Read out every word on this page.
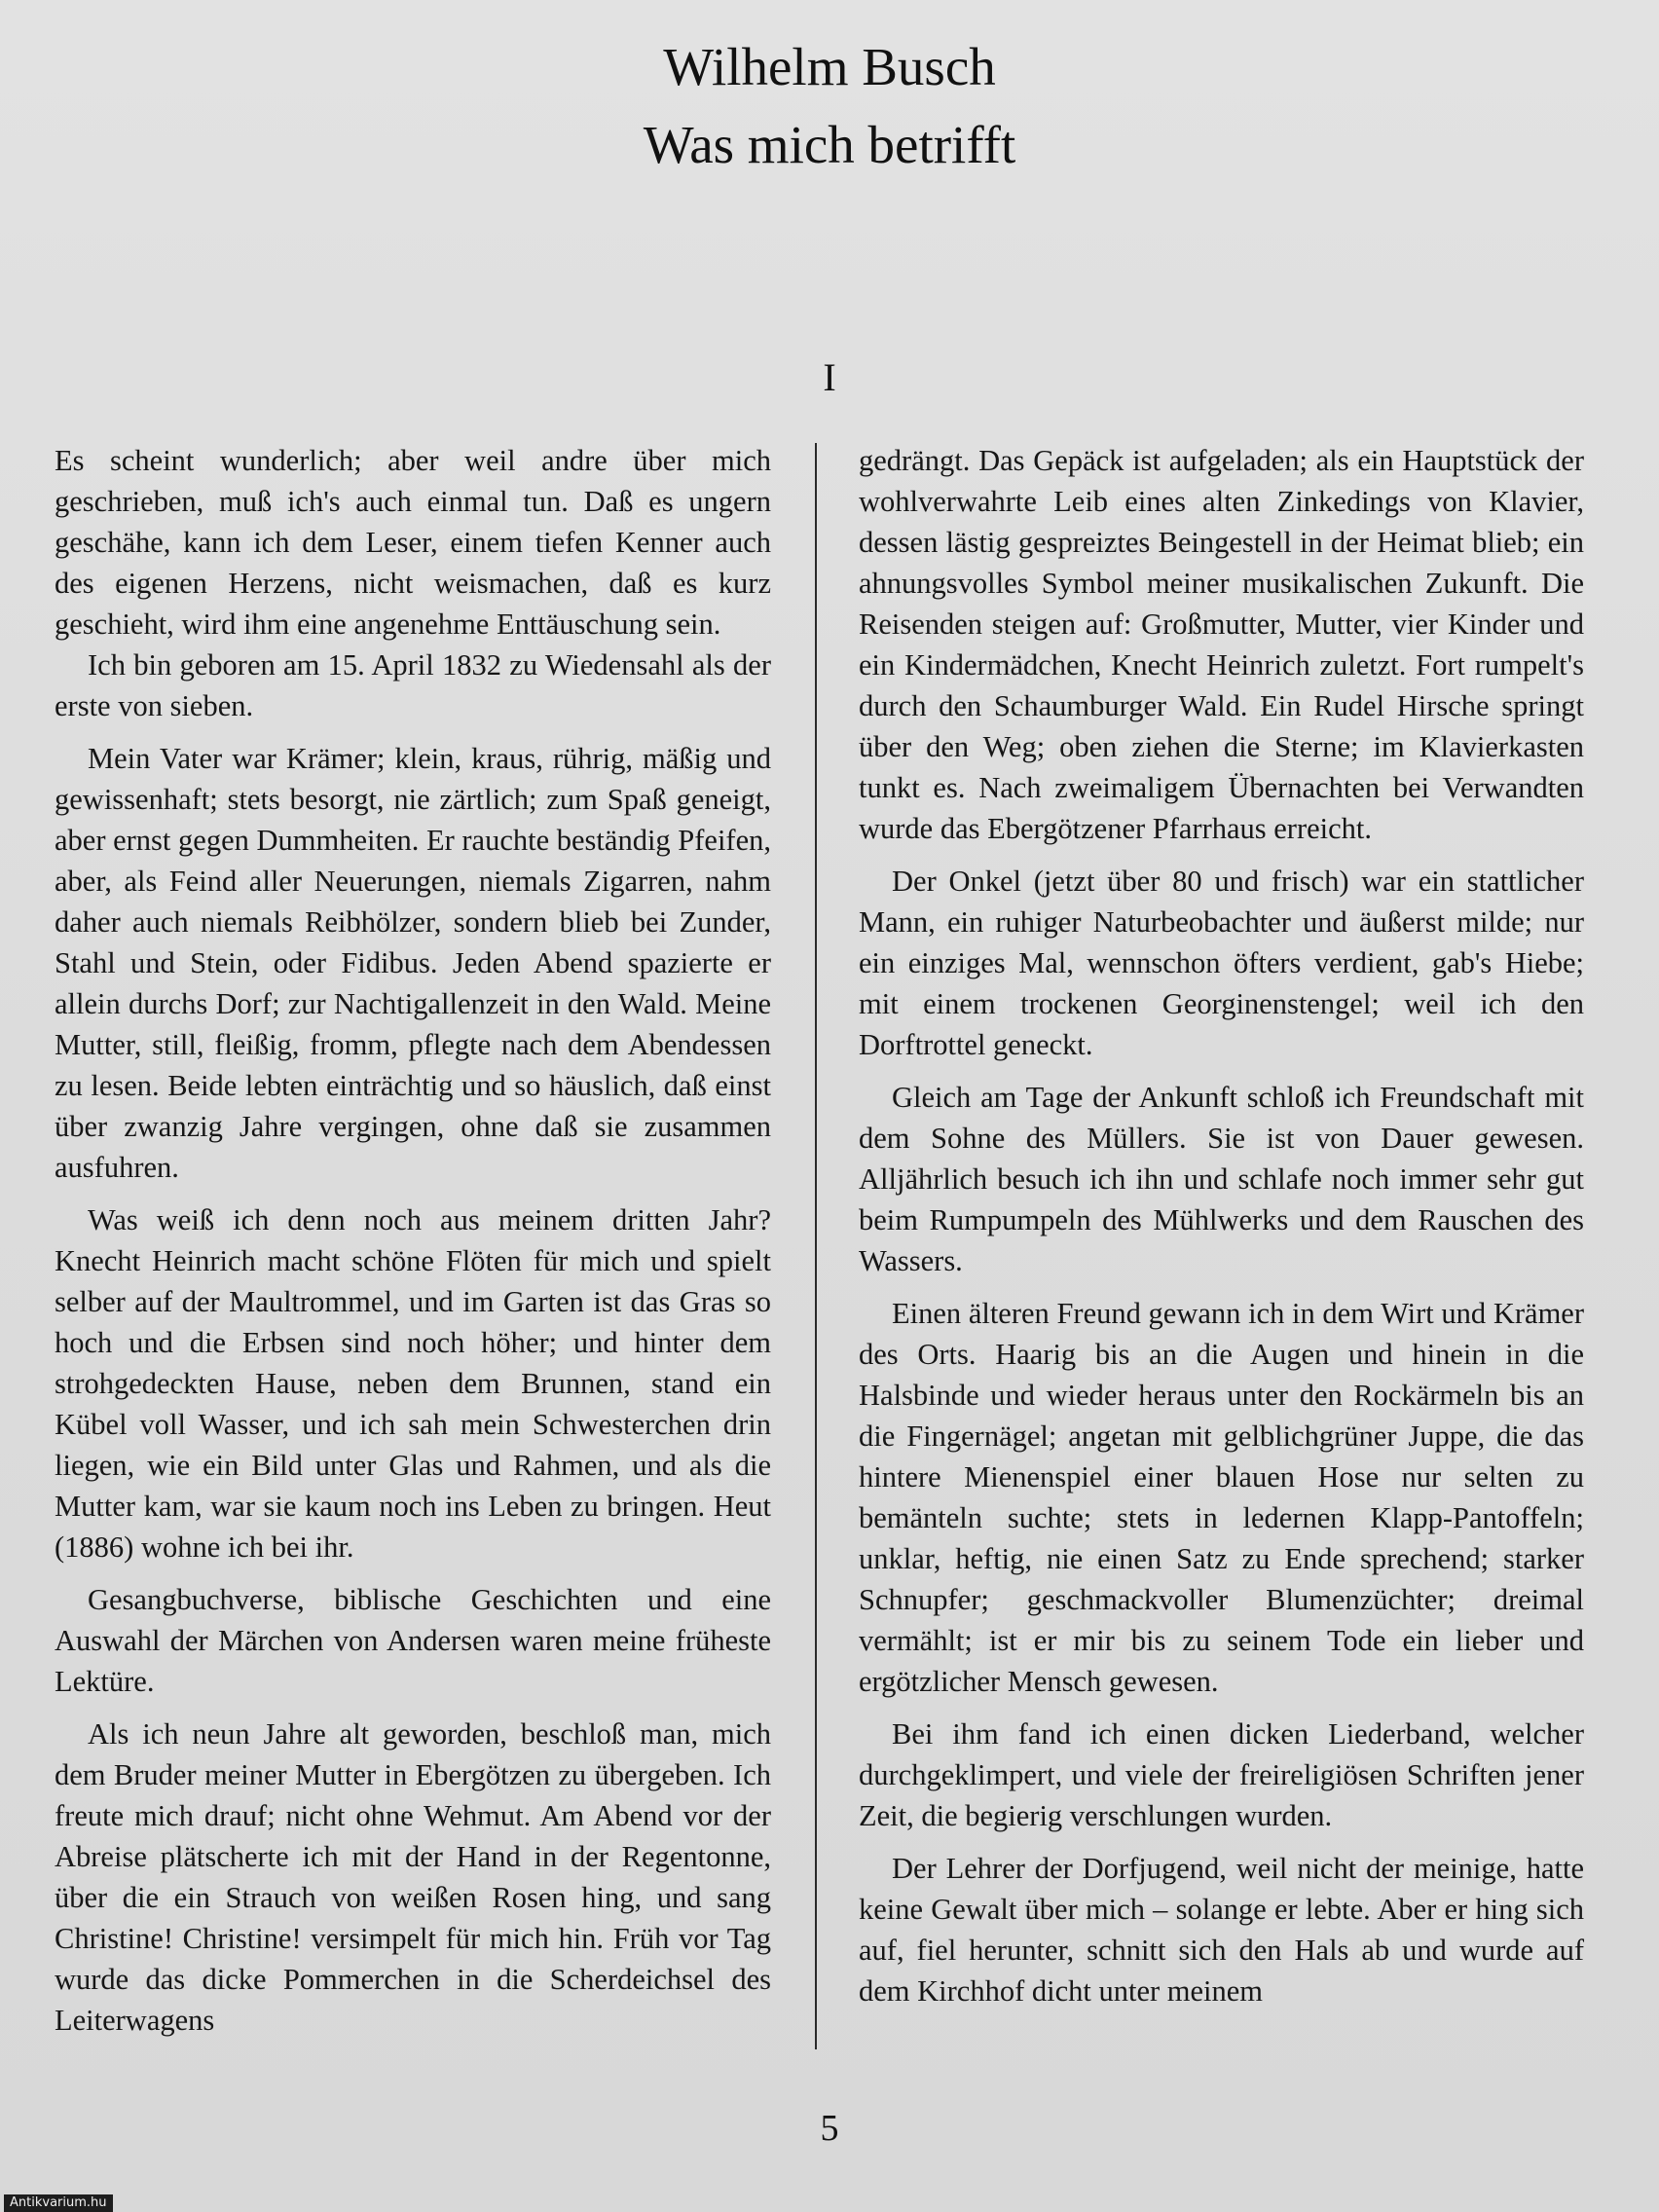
Wilhelm Busch
Was mich betrifft
I

Es scheint wunderlich; aber weil andre über mich geschrieben, muß ich's auch einmal tun. Daß es ungern geschähe, kann ich dem Leser, einem tiefen Kenner auch des eigenen Herzens, nicht weismachen, daß es kurz geschieht, wird ihm eine angenehme Enttäuschung sein.

Ich bin geboren am 15. April 1832 zu Wiedensahl als der erste von sieben.

Mein Vater war Krämer; klein, kraus, rührig, mäßig und gewissenhaft; stets besorgt, nie zärtlich; zum Spaß geneigt, aber ernst gegen Dummheiten. Er rauchte beständig Pfeifen, aber, als Feind aller Neuerungen, niemals Zigarren, nahm daher auch niemals Reibhölzer, sondern blieb bei Zunder, Stahl und Stein, oder Fidibus. Jeden Abend spazierte er allein durchs Dorf; zur Nachtigallenzeit in den Wald. Meine Mutter, still, fleißig, fromm, pflegte nach dem Abendessen zu lesen. Beide lebten einträchtig und so häuslich, daß einst über zwanzig Jahre vergingen, ohne daß sie zusammen ausfuhren.

Was weiß ich denn noch aus meinem dritten Jahr? Knecht Heinrich macht schöne Flöten für mich und spielt selber auf der Maultrommel, und im Garten ist das Gras so hoch und die Erbsen sind noch höher; und hinter dem strohgedeckten Hause, neben dem Brunnen, stand ein Kübel voll Wasser, und ich sah mein Schwesterchen drin liegen, wie ein Bild unter Glas und Rahmen, und als die Mutter kam, war sie kaum noch ins Leben zu bringen. Heut (1886) wohne ich bei ihr.

Gesangbuchverse, biblische Geschichten und eine Auswahl der Märchen von Andersen waren meine früheste Lektüre.

Als ich neun Jahre alt geworden, beschloß man, mich dem Bruder meiner Mutter in Ebergötzen zu übergeben. Ich freute mich drauf; nicht ohne Wehmut. Am Abend vor der Abreise plätscherte ich mit der Hand in der Regentonne, über die ein Strauch von weißen Rosen hing, und sang Christine! Christine! versimpelt für mich hin. Früh vor Tag wurde das dicke Pommerchen in die Scherdeichsel des Leiterwagens

gedrängt. Das Gepäck ist aufgeladen; als ein Hauptstück der wohlverwahrte Leib eines alten Zinkedings von Klavier, dessen lästig gespreiztes Beingestell in der Heimat blieb; ein ahnungsvolles Symbol meiner musikalischen Zukunft. Die Reisenden steigen auf: Großmutter, Mutter, vier Kinder und ein Kindermädchen, Knecht Heinrich zuletzt. Fort rumpelt's durch den Schaumburger Wald. Ein Rudel Hirsche springt über den Weg; oben ziehen die Sterne; im Klavierkasten tunkt es. Nach zweimaligem Übernachten bei Verwandten wurde das Ebergötzener Pfarrhaus erreicht.

Der Onkel (jetzt über 80 und frisch) war ein stattlicher Mann, ein ruhiger Naturbeobachter und äußerst milde; nur ein einziges Mal, wennschon öfters verdient, gab's Hiebe; mit einem trockenen Georginenstengel; weil ich den Dorftrottel geneckt.

Gleich am Tage der Ankunft schloß ich Freundschaft mit dem Sohne des Müllers. Sie ist von Dauer gewesen. Alljährlich besuch ich ihn und schlafe noch immer sehr gut beim Rumpumpeln des Mühlwerks und dem Rauschen des Wassers.

Einen älteren Freund gewann ich in dem Wirt und Krämer des Orts. Haarig bis an die Augen und hinein in die Halsbinde und wieder heraus unter den Rockärmeln bis an die Fingernägel; angetan mit gelblichgrüner Juppe, die das hintere Mienenspiel einer blauen Hose nur selten zu bemänteln suchte; stets in ledernen Klapp-Pantoffeln; unklar, heftig, nie einen Satz zu Ende sprechend; starker Schnupfer; geschmackvoller Blumenzüchter; dreimal vermählt; ist er mir bis zu seinem Tode ein lieber und ergötzlicher Mensch gewesen.

Bei ihm fand ich einen dicken Liederband, welcher durchgeklimpert, und viele der freireligiösen Schriften jener Zeit, die begierig verschlungen wurden.

Der Lehrer der Dorfjugend, weil nicht der meinige, hatte keine Gewalt über mich – solange er lebte. Aber er hing sich auf, fiel herunter, schnitt sich den Hals ab und wurde auf dem Kirchhof dicht unter meinem

5
Antikvarium.hu
